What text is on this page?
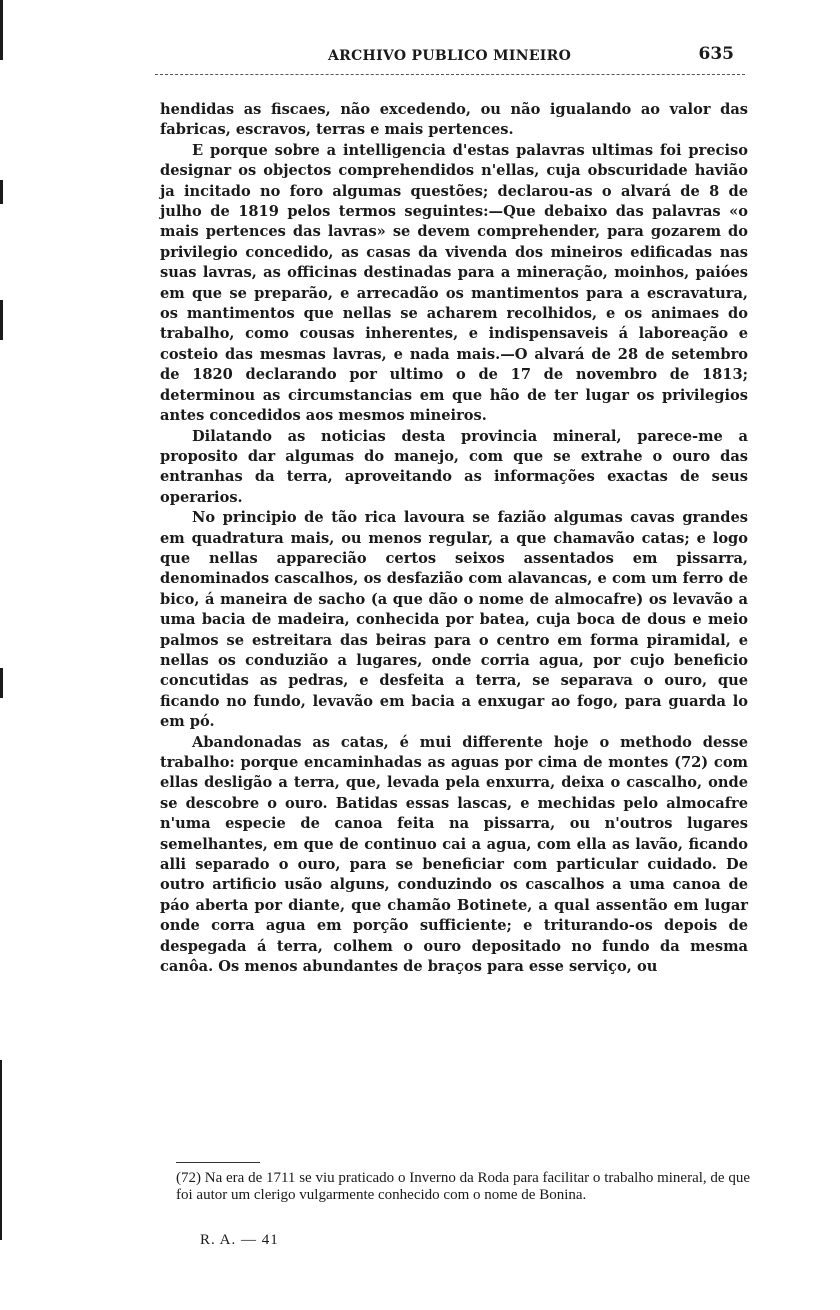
ARCHIVO PUBLICO MINEIRO	635

hendidas as fiscaes, não excedendo, ou não igualando ao valor das fabricas, escravos, terras e mais pertences.

E porque sobre a intelligencia d'estas palavras ultimas foi preciso designar os objectos comprehendidos n'ellas, cuja obscuridade havião ja incitado no foro algumas questões; declarou-as o alvará de 8 de julho de 1819 pelos termos seguintes:—Que debaixo das palavras «o mais pertences das lavras» se devem comprehender, para gozarem do privilegio concedido, as casas da vivenda dos mineiros edificadas nas suas lavras, as officinas destinadas para a mineração, moinhos, paióes em que se preparão, e arrecadão os mantimentos para a escravatura, os mantimentos que nellas se acharem recolhidos, e os animaes do trabalho, como cousas inherentes, e indispensaveis á laboreação e costeio das mesmas lavras, e nada mais.—O alvará de 28 de setembro de 1820 declarando por ultimo o de 17 de novembro de 1813; determinou as circumstancias em que hão de ter lugar os privilegios antes concedidos aos mesmos mineiros.

Dilatando as noticias desta provincia mineral, parece-me a proposito dar algumas do manejo, com que se extrahe o ouro das entranhas da terra, aproveitando as informações exactas de seus operarios.

No principio de tão rica lavoura se fazião algumas cavas grandes em quadratura mais, ou menos regular, a que chamavão catas; e logo que nellas apparecião certos seixos assentados em pissarra, denominados cascalhos, os desfazião com alavancas, e com um ferro de bico, á maneira de sacho (a que dão o nome de almocafre) os levavão a uma bacia de madeira, conhecida por batea, cuja boca de dous e meio palmos se estreitara das beiras para o centro em forma piramidal, e nellas os conduzião a lugares, onde corria agua, por cujo beneficio concutidas as pedras, e desfeita a terra, se separava o ouro, que ficando no fundo, levavão em bacia a enxugar ao fogo, para guarda lo em pó.

Abandonadas as catas, é mui differente hoje o methodo desse trabalho: porque encaminhadas as aguas por cima de montes (72) com ellas desligão a terra, que, levada pela enxurra, deixa o cascalho, onde se descobre o ouro. Batidas essas lascas, e mechidas pelo almocafre n'uma especie de canoa feita na pissarra, ou n'outros lugares semelhantes, em que de continuo cai a agua, com ella as lavão, ficando alli separado o ouro, para se beneficiar com particular cuidado. De outro artificio usão alguns, conduzindo os cascalhos a uma canoa de páo aberta por diante, que chamão Botinete, a qual assentão em lugar onde corra agua em porção sufficiente; e triturando-os depois de despegada á terra, colhem o ouro depositado no fundo da mesma canôa. Os menos abundantes de braços para esse serviço, ou

(72) Na era de 1711 se viu praticado o Inverno da Roda para facilitar o trabalho mineral, de que foi autor um clerigo vulgarmente conhecido com o nome de Bonina.
R. A. — 41
